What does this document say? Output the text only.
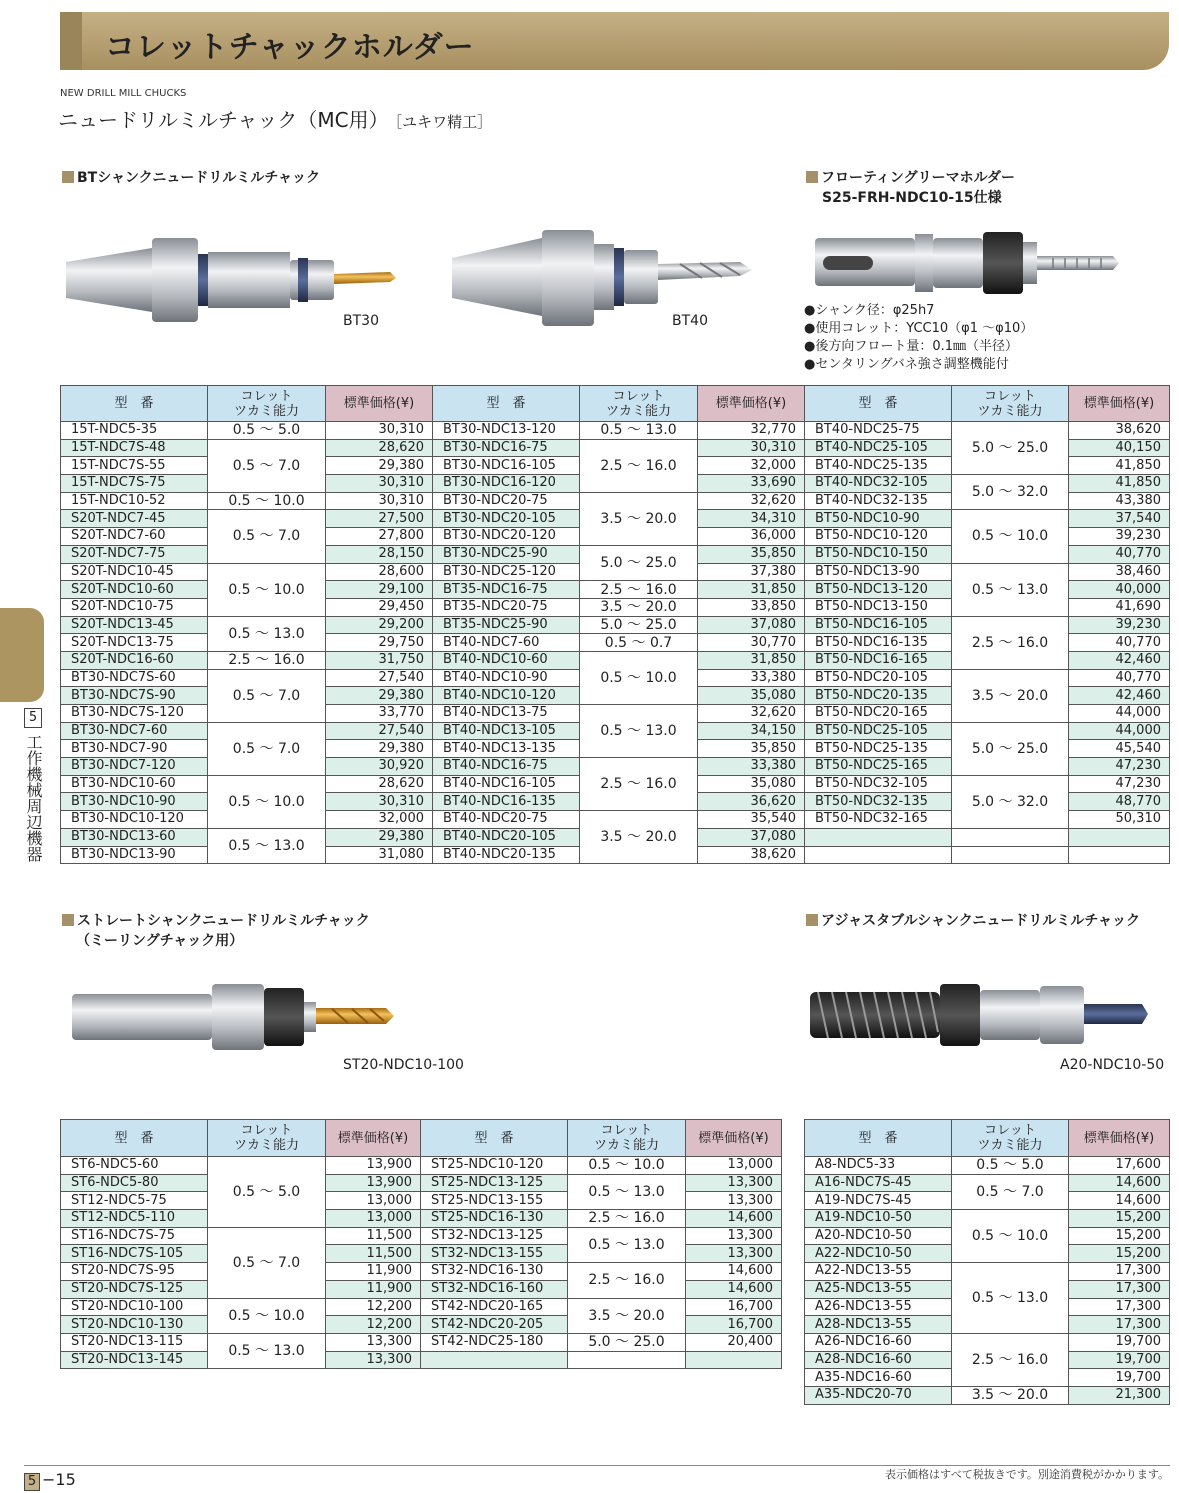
コレットチャックホルダー
NEW DRILL MILL CHUCKS
ニュードリルミルチャック（MC用） ［ユキワ精工］
BTシャンクニュードリルミルチャック	フローティングリーマホルダー
S25-FRH-NDC10-15仕様
BT30	BT40
●シャンク径：φ25h7
●使用コレット：YCC10（φ1 ～φ10）
●後方向フロート量：0.1㎜（半径）
●センタリングバネ強さ調整機能付
型　番	コレット
ツカミ能力	標準価格(¥)
15T-NDC5-35	0.5 ～ 5.0	30,310
15T-NDC7S-48	0.5 ～ 7.0	28,620
15T-NDC7S-55		29,380
15T-NDC7S-75		30,310
15T-NDC10-52	0.5 ～ 10.0	30,310
S20T-NDC7-45	0.5 ～ 7.0	27,500
S20T-NDC7-60		27,800
S20T-NDC7-75		28,150
S20T-NDC10-45	0.5 ～ 10.0	28,600
S20T-NDC10-60		29,100
S20T-NDC10-75		29,450
S20T-NDC13-45	0.5 ～ 13.0	29,200
S20T-NDC13-75		29,750
S20T-NDC16-60	2.5 ～ 16.0	31,750
BT30-NDC7S-60	0.5 ～ 7.0	27,540
BT30-NDC7S-90		29,380
BT30-NDC7S-120		33,770
BT30-NDC7-60	0.5 ～ 7.0	27,540
BT30-NDC7-90		29,380
BT30-NDC7-120		30,920
BT30-NDC10-60	0.5 ～ 10.0	28,620
BT30-NDC10-90		30,310
BT30-NDC10-120		32,000
BT30-NDC13-60	0.5 ～ 13.0	29,380
BT30-NDC13-90		31,080
型　番	コレット
ツカミ能力	標準価格(¥)
BT30-NDC13-120	0.5 ～ 13.0	32,770
BT30-NDC16-75	2.5 ～ 16.0	30,310
BT30-NDC16-105		32,000
BT30-NDC16-120		33,690
BT30-NDC20-75	3.5 ～ 20.0	32,620
BT30-NDC20-105		34,310
BT30-NDC20-120		36,000
BT30-NDC25-90	5.0 ～ 25.0	35,850
BT30-NDC25-120		37,380
BT35-NDC16-75	2.5 ～ 16.0	31,850
BT35-NDC20-75	3.5 ～ 20.0	33,850
BT35-NDC25-90	5.0 ～ 25.0	37,080
BT40-NDC7-60	0.5 ～ 0.7	30,770
BT40-NDC10-60	0.5 ～ 10.0	31,850
BT40-NDC10-90		33,380
BT40-NDC10-120		35,080
BT40-NDC13-75	0.5 ～ 13.0	32,620
BT40-NDC13-105		34,150
BT40-NDC13-135		35,850
BT40-NDC16-75	2.5 ～ 16.0	33,380
BT40-NDC16-105		35,080
BT40-NDC16-135		36,620
BT40-NDC20-75	3.5 ～ 20.0	35,540
BT40-NDC20-105		37,080
BT40-NDC20-135		38,620
型　番	コレット
ツカミ能力	標準価格(¥)
BT40-NDC25-75	5.0 ～ 25.0	38,620
BT40-NDC25-105		40,150
BT40-NDC25-135		41,850
BT40-NDC32-105	5.0 ～ 32.0	41,850
BT40-NDC32-135		43,380
BT50-NDC10-90	0.5 ～ 10.0	37,540
BT50-NDC10-120		39,230
BT50-NDC10-150		40,770
BT50-NDC13-90	0.5 ～ 13.0	38,460
BT50-NDC13-120		40,000
BT50-NDC13-150		41,690
BT50-NDC16-105	2.5 ～ 16.0	39,230
BT50-NDC16-135		40,770
BT50-NDC16-165		42,460
BT50-NDC20-105	3.5 ～ 20.0	40,770
BT50-NDC20-135		42,460
BT50-NDC20-165		44,000
BT50-NDC25-105	5.0 ～ 25.0	44,000
BT50-NDC25-135		45,540
BT50-NDC25-165		47,230
BT50-NDC32-105	5.0 ～ 32.0	47,230
BT50-NDC32-135		48,770
BT50-NDC32-165		50,310

5
工作機械周辺機器
ストレートシャンクニュードリルミルチャック
（ミーリングチャック用）
アジャスタブルシャンクニュードリルミルチャック
ST20-NDC10-100	A20-NDC10-50
型　番	コレット
ツカミ能力	標準価格(¥)
ST6-NDC5-60	0.5 ～ 5.0	13,900
ST6-NDC5-80		13,900
ST12-NDC5-75		13,000
ST12-NDC5-110		13,000
ST16-NDC7S-75	0.5 ～ 7.0	11,500
ST16-NDC7S-105		11,500
ST20-NDC7S-95		11,900
ST20-NDC7S-125		11,900
ST20-NDC10-100	0.5 ～ 10.0	12,200
ST20-NDC10-130		12,200
ST20-NDC13-115	0.5 ～ 13.0	13,300
ST20-NDC13-145		13,300
型　番	コレット
ツカミ能力	標準価格(¥)
ST25-NDC10-120	0.5 ～ 10.0	13,000
ST25-NDC13-125	0.5 ～ 13.0	13,300
ST25-NDC13-155		13,300
ST25-NDC16-130	2.5 ～ 16.0	14,600
ST32-NDC13-125	0.5 ～ 13.0	13,300
ST32-NDC13-155		13,300
ST32-NDC16-130	2.5 ～ 16.0	14,600
ST32-NDC16-160		14,600
ST42-NDC20-165	3.5 ～ 20.0	16,700
ST42-NDC20-205		16,700
ST42-NDC25-180	5.0 ～ 25.0	20,400

型　番	コレット
ツカミ能力	標準価格(¥)
A8-NDC5-33	0.5 ～ 5.0	17,600
A16-NDC7S-45	0.5 ～ 7.0	14,600
A19-NDC7S-45		14,600
A19-NDC10-50	0.5 ～ 10.0	15,200
A20-NDC10-50		15,200
A22-NDC10-50		15,200
A22-NDC13-55	0.5 ～ 13.0	17,300
A25-NDC13-55		17,300
A26-NDC13-55		17,300
A28-NDC13-55		17,300
A26-NDC16-60	2.5 ～ 16.0	19,700
A28-NDC16-60		19,700
A35-NDC16-60		19,700
A35-NDC20-70	3.5 ～ 20.0	21,300
5 −15	表示価格はすべて税抜きです。別途消費税がかかります。
